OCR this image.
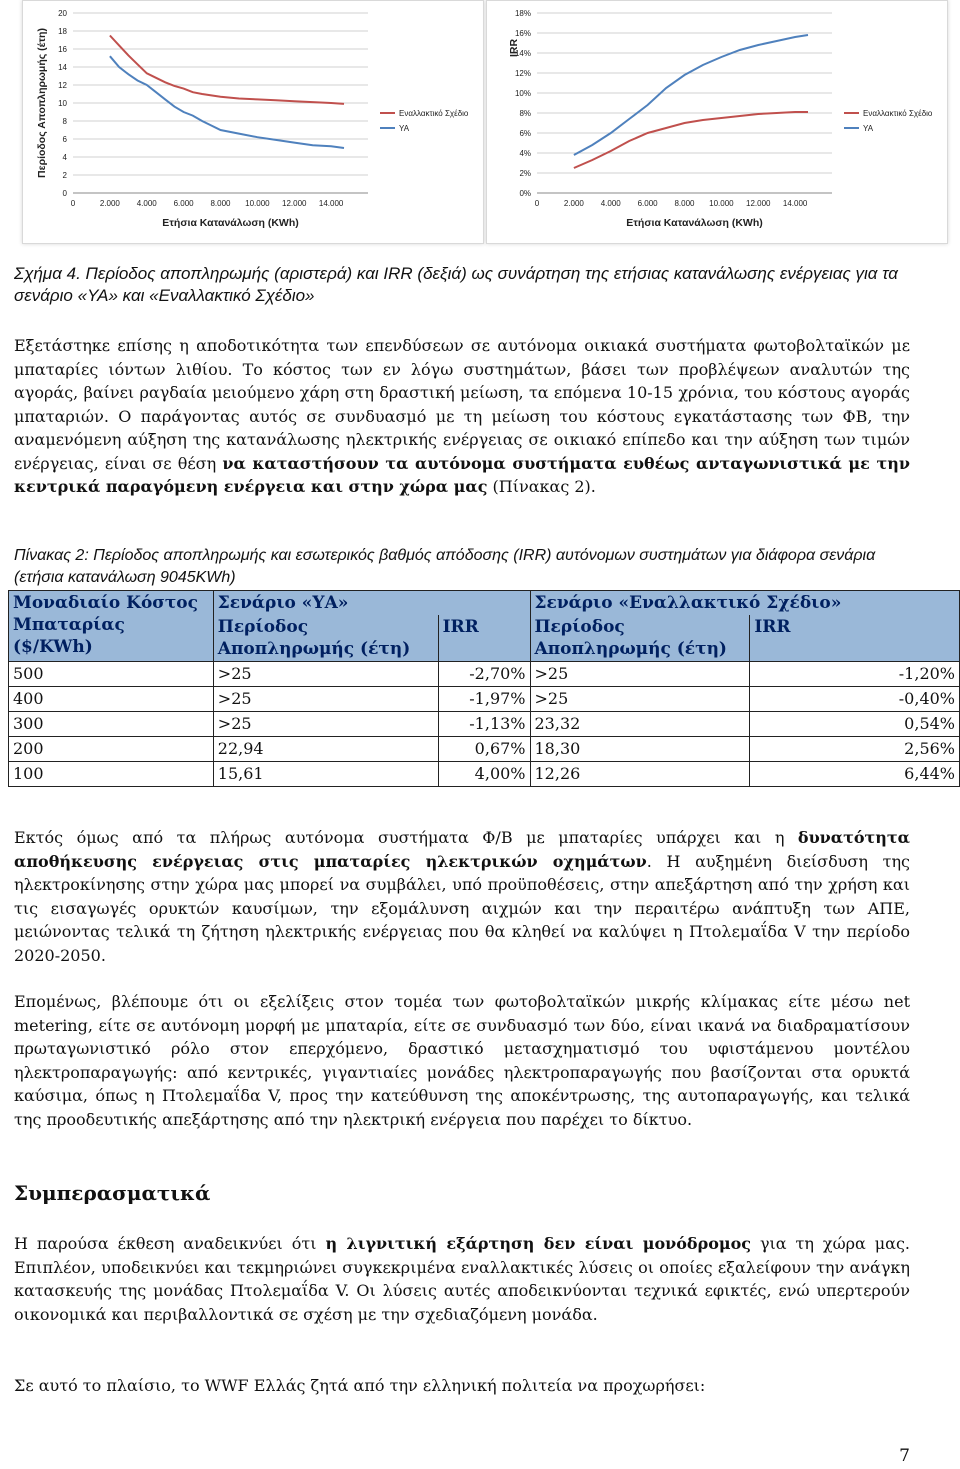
0
2
4
6
8
10
12
14
16
18
20
0	2.000 4.000 6.000 8.000 10.000 12.000 14.000
Ετήσια Κατανάλωση (KWh)
Περίοδος Αποπληρωμής (έτη)	Εναλλακτικό Σχέδιο
ΥΑ
0%
2%
4%
6%
8%
10%
12%
14%
16%
18%
0	2.000 4.000 6.000 8.000 10.000 12.000 14.000
Ετήσια Κατανάλωση (KWh)
IRR
Εναλλακτικό Σχέδιο
ΥΑ

Σχήμα 4. Περίοδος αποπληρωμής (αριστερά) και IRR (δεξιά) ως συνάρτηση της ετήσιας κατανάλωσης ενέργειας για τα σενάριο «ΥΑ» και «Εναλλακτικό Σχέδιο»

Εξετάστηκε επίσης η αποδοτικότητα των επενδύσεων σε αυτόνομα οικιακά συστήματα φωτοβολταϊκών με μπαταρίες ιόντων λιθίου. Το κόστος των εν λόγω συστημάτων, βάσει των προβλέψεων αναλυτών της αγοράς, βαίνει ραγδαία μειούμενο χάρη στη δραστική μείωση, τα επόμενα 10-15 χρόνια, του κόστους αγοράς μπαταριών. Ο παράγοντας αυτός σε συνδυασμό με τη μείωση του κόστους εγκατάστασης των ΦΒ, την αναμενόμενη αύξηση της κατανάλωσης ηλεκτρικής ενέργειας σε οικιακό επίπεδο και την αύξηση των τιμών ενέργειας, είναι σε θέση να καταστήσουν τα αυτόνομα συστήματα ευθέως ανταγωνιστικά με την κεντρικά παραγόμενη ενέργεια και στην χώρα μας (Πίνακας 2).

Πίνακας 2: Περίοδος αποπληρωμής και εσωτερικός βαθμός απόδοσης (IRR) αυτόνομων συστημάτων για διάφορα σενάρια (ετήσια κατανάλωση 9045KWh)

Μοναδιαίο Κόστος Μπαταρίας ($/KWh)	Σενάριο «ΥΑ»		Σενάριο «Εναλλακτικό Σχέδιο»	
	Περίοδος Αποπληρωμής (έτη)	IRR	Περίοδος Αποπληρωμής (έτη)	IRR
500	>25	-2,70%	>25	-1,20%
400	>25	-1,97%	>25	-0,40%
300	>25	-1,13%	23,32	0,54%
200	22,94	0,67%	18,30	2,56%
100	15,61	4,00%	12,26	6,44%

Εκτός όμως από τα πλήρως αυτόνομα συστήματα Φ/Β με μπαταρίες υπάρχει και η δυνατότητα αποθήκευσης ενέργειας στις μπαταρίες ηλεκτρικών οχημάτων. Η αυξημένη διείσδυση της ηλεκτροκίνησης στην χώρα μας μπορεί να συμβάλει, υπό προϋποθέσεις, στην απεξάρτηση από την χρήση και τις εισαγωγές ορυκτών καυσίμων, την εξομάλυνση αιχμών και την περαιτέρω ανάπτυξη των ΑΠΕ, μειώνοντας τελικά τη ζήτηση ηλεκτρικής ενέργειας που θα κληθεί να καλύψει η Πτολεμαΐδα V την περίοδο 2020-2050.

Επομένως, βλέπουμε ότι οι εξελίξεις στον τομέα των φωτοβολταϊκών μικρής κλίμακας είτε μέσω net metering, είτε σε αυτόνομη μορφή με μπαταρία, είτε σε συνδυασμό των δύο, είναι ικανά να διαδραματίσουν πρωταγωνιστικό ρόλο στον επερχόμενο, δραστικό μετασχηματισμό του υφιστάμενου μοντέλου ηλεκτροπαραγωγής: από κεντρικές, γιγαντιαίες μονάδες ηλεκτροπαραγωγής που βασίζονται στα ορυκτά καύσιμα, όπως η Πτολεμαΐδα V, προς την κατεύθυνση της αποκέντρωσης, της αυτοπαραγωγής, και τελικά της προοδευτικής απεξάρτησης από την ηλεκτρική ενέργεια που παρέχει το δίκτυο.

Συμπερασματικά

Η παρούσα έκθεση αναδεικνύει ότι η λιγνιτική εξάρτηση δεν είναι μονόδρομος για τη χώρα μας. Επιπλέον, υποδεικνύει και τεκμηριώνει συγκεκριμένα εναλλακτικές λύσεις οι οποίες εξαλείφουν την ανάγκη κατασκευής της μονάδας Πτολεμαΐδα V. Οι λύσεις αυτές αποδεικνύονται τεχνικά εφικτές, ενώ υπερτερούν οικονομικά και περιβαλλοντικά σε σχέση με την σχεδιαζόμενη μονάδα.

Σε αυτό το πλαίσιο, το WWF Ελλάς ζητά από την ελληνική πολιτεία να προχωρήσει:

7
